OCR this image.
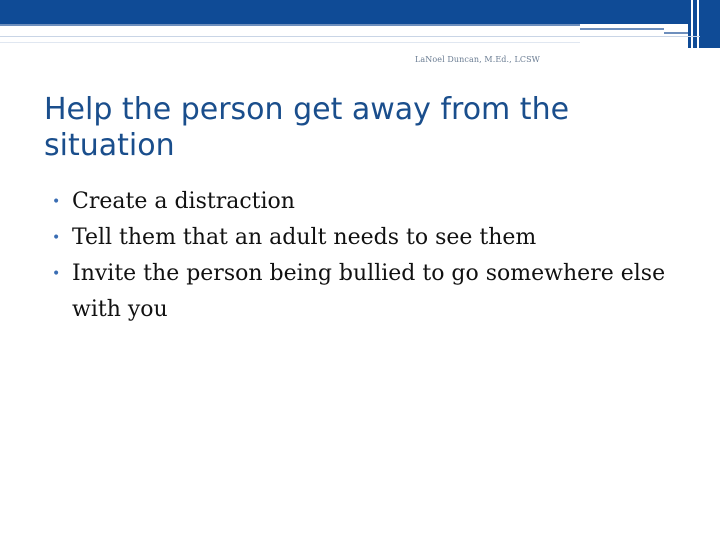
LaNoel Duncan, M.Ed., LCSW
Help the person get away from the situation
• Create a distraction
• Tell them that an adult needs to see them
• Invite the person being bullied to go somewhere else with you
